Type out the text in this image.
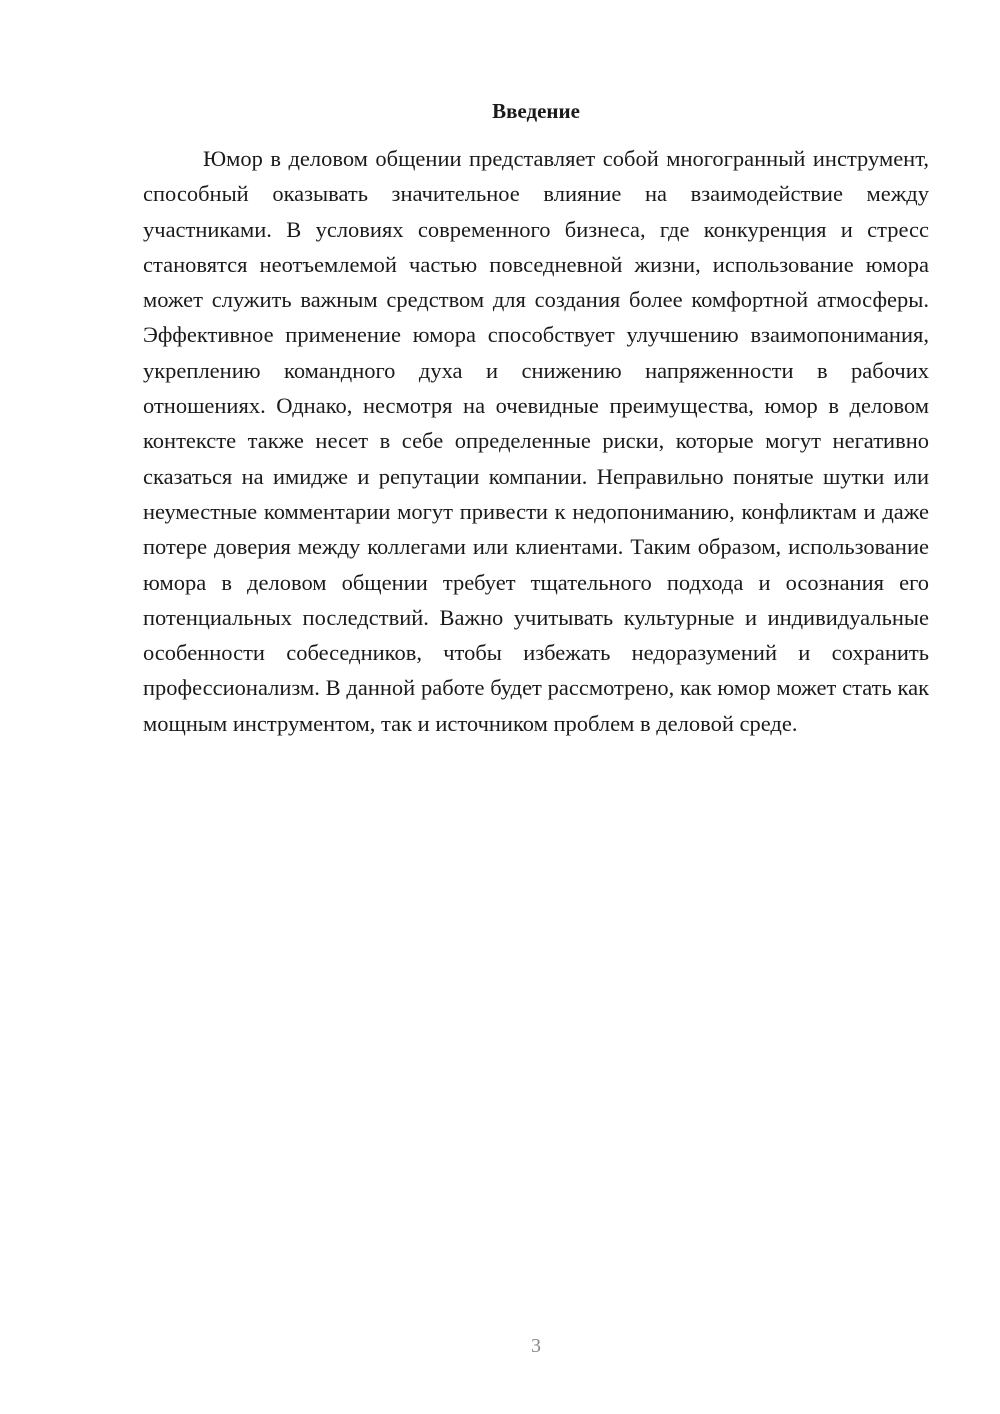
Введение

Юмор в деловом общении представляет собой многогранный инструмент, способный оказывать значительное влияние на взаимодействие между участниками. В условиях современного бизнеса, где конкуренция и стресс становятся неотъемлемой частью повседневной жизни, использование юмора может служить важным средством для создания более комфортной атмосферы. Эффективное применение юмора способствует улучшению взаимопонимания, укреплению командного духа и снижению напряженности в рабочих отношениях. Однако, несмотря на очевидные преимущества, юмор в деловом контексте также несет в себе определенные риски, которые могут негативно сказаться на имидже и репутации компании. Неправильно понятые шутки или неуместные комментарии могут привести к недопониманию, конфликтам и даже потере доверия между коллегами или клиентами. Таким образом, использование юмора в деловом общении требует тщательного подхода и осознания его потенциальных последствий. Важно учитывать культурные и индивидуальные особенности собеседников, чтобы избежать недоразумений и сохранить профессионализм. В данной работе будет рассмотрено, как юмор может стать как мощным инструментом, так и источником проблем в деловой среде.

3
